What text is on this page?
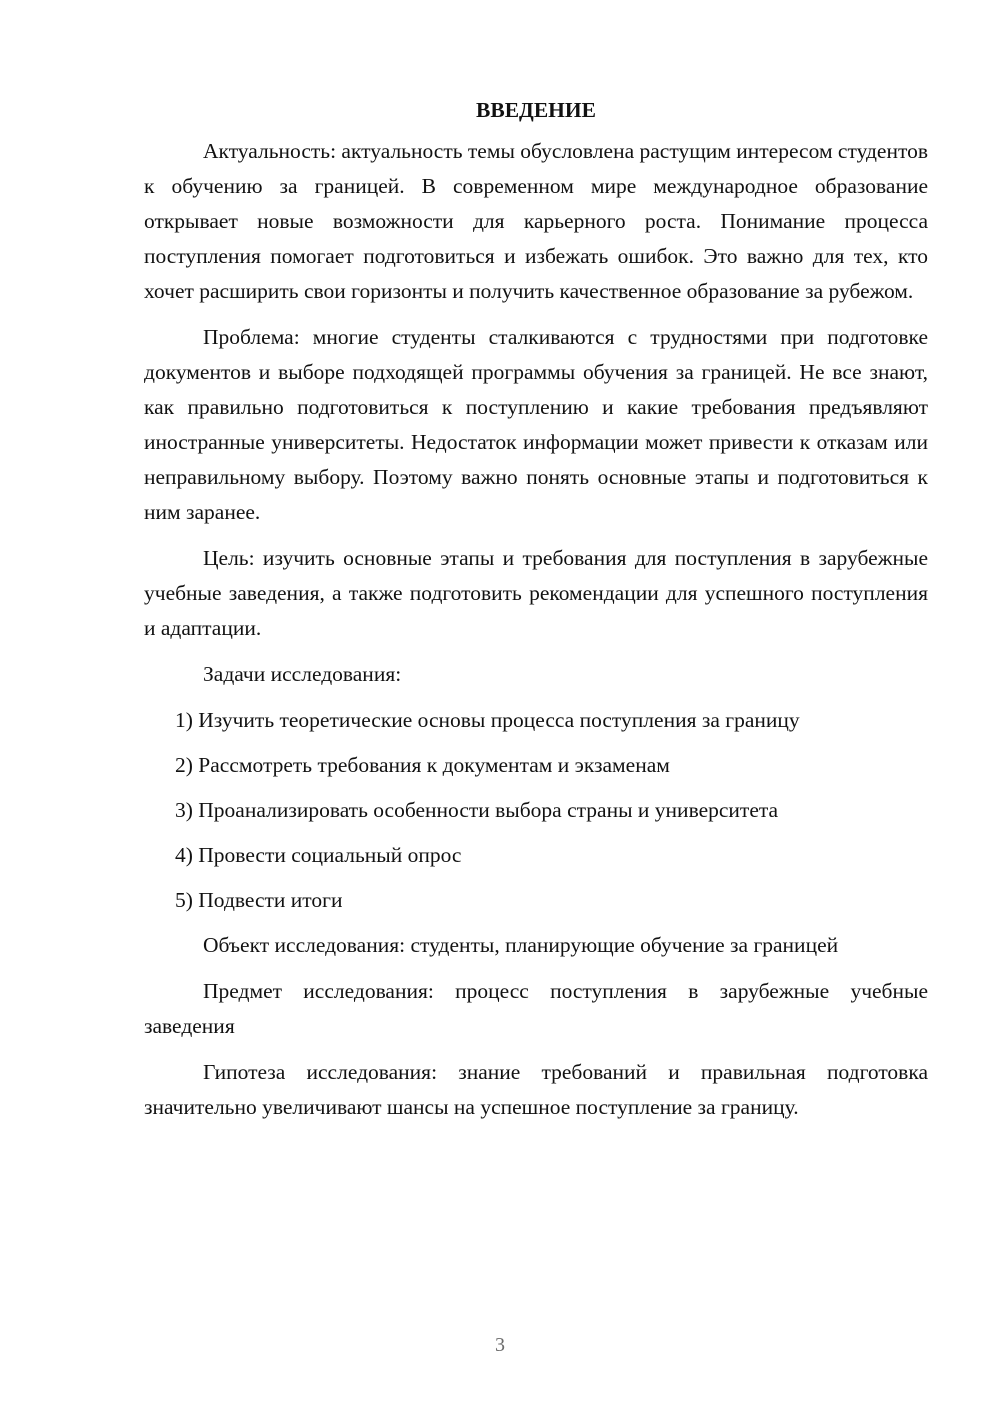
ВВЕДЕНИЕ

Актуальность: актуальность темы обусловлена растущим интересом студентов к обучению за границей. В современном мире международное образование открывает новые возможности для карьерного роста. Понимание процесса поступления помогает подготовиться и избежать ошибок. Это важно для тех, кто хочет расширить свои горизонты и получить качественное образование за рубежом.

Проблема: многие студенты сталкиваются с трудностями при подготовке документов и выборе подходящей программы обучения за границей. Не все знают, как правильно подготовиться к поступлению и какие требования предъявляют иностранные университеты. Недостаток информации может привести к отказам или неправильному выбору. Поэтому важно понять основные этапы и подготовиться к ним заранее.

Цель: изучить основные этапы и требования для поступления в зарубежные учебные заведения, а также подготовить рекомендации для успешного поступления и адаптации.

Задачи исследования:

1) Изучить теоретические основы процесса поступления за границу
2) Рассмотреть требования к документам и экзаменам
3) Проанализировать особенности выбора страны и университета
4) Провести социальный опрос
5) Подвести итоги

Объект исследования: студенты, планирующие обучение за границей

Предмет исследования: процесс поступления в зарубежные учебные заведения

Гипотеза исследования: знание требований и правильная подготовка значительно увеличивают шансы на успешное поступление за границу.

3
